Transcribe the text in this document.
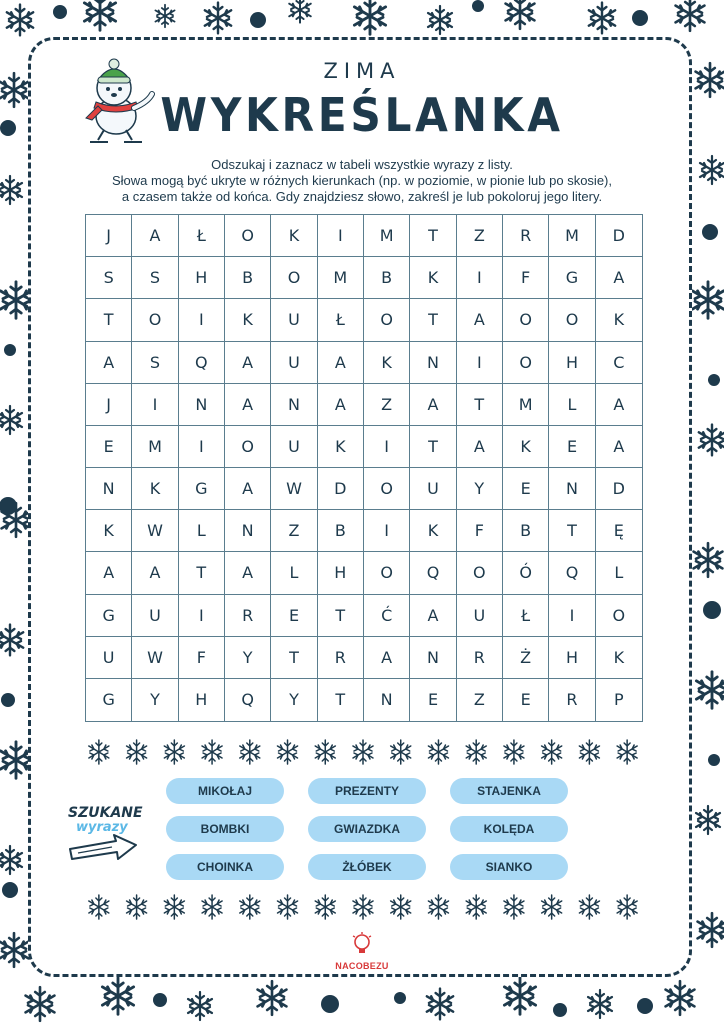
ZIMA
WYKREŚLANKA
Odszukaj i zaznacz w tabeli wszystkie wyrazy z listy.
Słowa mogą być ukryte w różnych kierunkach (np. w poziomie, w pionie lub po skosie),
a czasem także od końca. Gdy znajdziesz słowo, zakreśl je lub pokoloruj jego litery.
J	A	Ł	O	K	I	M	T	Z	R	M	D
S	S	H	B	O	M	B	K	I	F	G	A
T	O	I	K	U	Ł	O	T	A	O	O	K
A	S	Q	A	U	A	K	N	I	O	H	C
J	I	N	A	N	A	Z	A	T	M	L	A
E	M	I	O	U	K	I	T	A	K	E	A
N	K	G	A	W	D	O	U	Y	E	N	D
K	W	L	N	Z	B	I	K	F	B	T	Ę
A	A	T	A	L	H	O	Q	O	Ó	Q	L
G	U	I	R	E	T	Ć	A	U	Ł	I	O
U	W	F	Y	T	R	A	N	R	Ż	H	K
G	Y	H	Q	Y	T	N	E	Z	E	R	P
SZUKANE
wyrazy
MIKOŁAJ	PREZENTY	STAJENKA
BOMBKI	GWIAZDKA	KOLĘDA
CHOINKA	ŻŁÓBEK	SIANKO
NACOBEZU
